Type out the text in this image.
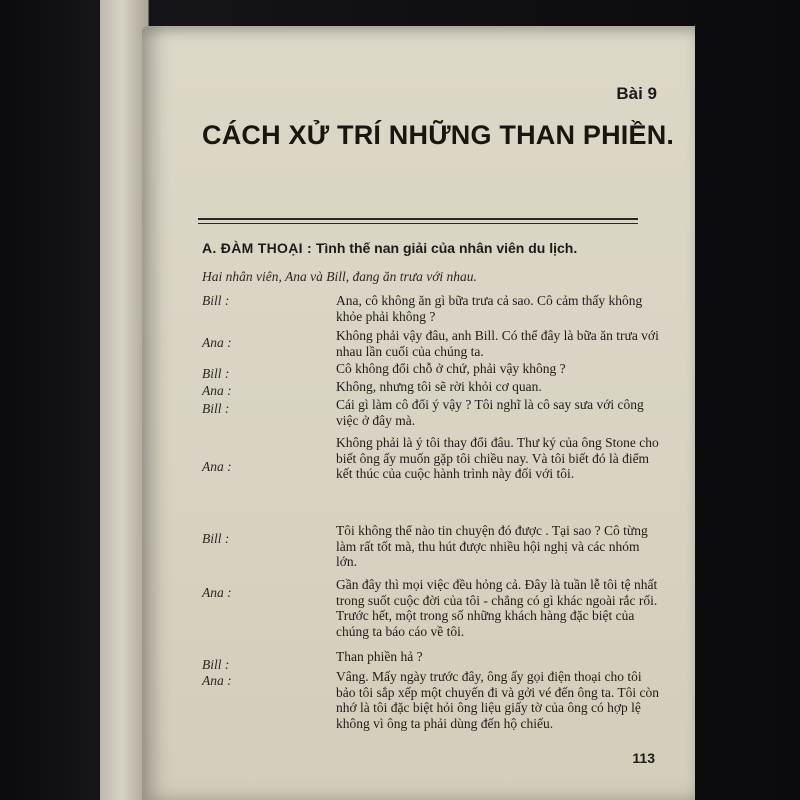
Bài 9
CÁCH XỬ TRÍ NHỮNG THAN PHIỀN.
A. ĐÀM THOẠI : Tình thế nan giải của nhân viên du lịch.
Hai nhân viên, Ana và Bill, đang ăn trưa với nhau.
Bill :	Ana, cô không ăn gì bữa trưa cả sao. Cô cảm thấy không khỏe phải không ?
Ana :	Không phải vậy đâu, anh Bill. Có thể đây là bữa ăn trưa với nhau lần cuối của chúng ta.
Bill :	Cô không đổi chỗ ở chứ, phải vậy không ?
Ana :	Không, nhưng tôi sẽ rời khỏi cơ quan.
Bill :	Cái gì làm cô đổi ý vậy ? Tôi nghĩ là cô say sưa với công việc ở đây mà.
Ana :
Không phải là ý tôi thay đổi đâu. Thư ký của ông Stone cho biết ông ấy muốn gặp tôi chiều nay. Và tôi biết đó là điểm kết thúc của cuộc hành trình này đối với tôi.
Bill :
Tôi không thể nào tin chuyện đó được . Tại sao ? Cô từng làm rất tốt mà, thu hút được nhiều hội nghị và các nhóm lớn.
Ana :
Gần đây thì mọi việc đều hỏng cả. Đây là tuần lễ tôi tệ nhất trong suốt cuộc đời của tôi - chẳng có gì khác ngoài rắc rối. Trước hết, một trong số những khách hàng đặc biệt của chúng ta báo cáo về tôi.
Bill :
Than phiền hả ?
Ana :	Vâng. Mấy ngày trước đây, ông ấy gọi điện thoại cho tôi bảo tôi sắp xếp một chuyến đi và gởi vé đến ông ta. Tôi còn nhớ là tôi đặc biệt hỏi ông liệu giấy tờ của ông có hợp lệ không vì ông ta phải dùng đến hộ chiếu.
113
